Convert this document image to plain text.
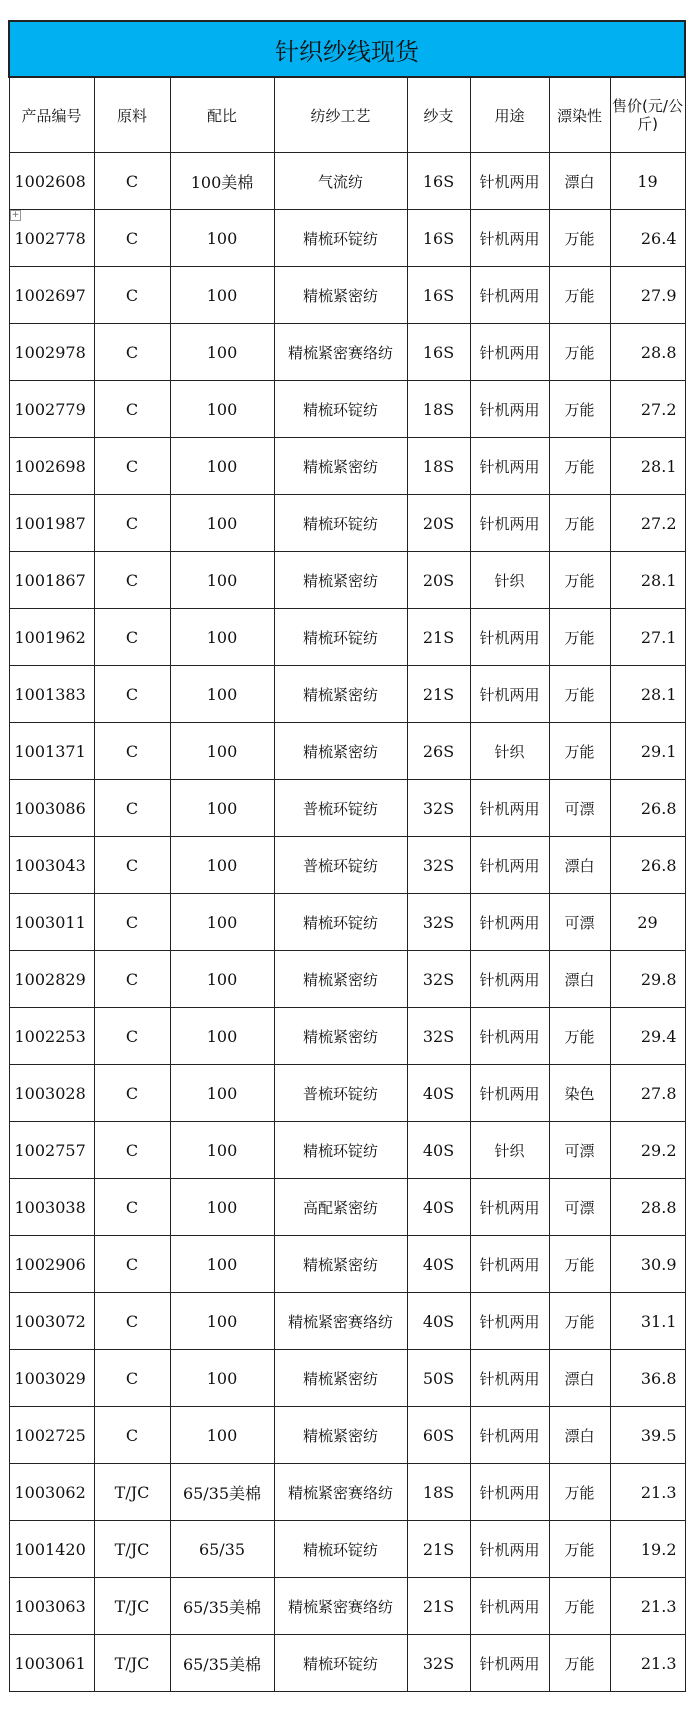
+
针织纱线现货							
产品编号	原料	配比	纺纱工艺	纱支	用途	漂染性	售价(元/公斤)
1002608	C	100美棉	气流纺	16S	针机两用	漂白	19
1002778	C	100	精梳环锭纺	16S	针机两用	万能	26.4
1002697	C	100	精梳紧密纺	16S	针机两用	万能	27.9
1002978	C	100	精梳紧密赛络纺	16S	针机两用	万能	28.8
1002779	C	100	精梳环锭纺	18S	针机两用	万能	27.2
1002698	C	100	精梳紧密纺	18S	针机两用	万能	28.1
1001987	C	100	精梳环锭纺	20S	针机两用	万能	27.2
1001867	C	100	精梳紧密纺	20S	针织	万能	28.1
1001962	C	100	精梳环锭纺	21S	针机两用	万能	27.1
1001383	C	100	精梳紧密纺	21S	针机两用	万能	28.1
1001371	C	100	精梳紧密纺	26S	针织	万能	29.1
1003086	C	100	普梳环锭纺	32S	针机两用	可漂	26.8
1003043	C	100	普梳环锭纺	32S	针机两用	漂白	26.8
1003011	C	100	精梳环锭纺	32S	针机两用	可漂	29
1002829	C	100	精梳紧密纺	32S	针机两用	漂白	29.8
1002253	C	100	精梳紧密纺	32S	针机两用	万能	29.4
1003028	C	100	普梳环锭纺	40S	针机两用	染色	27.8
1002757	C	100	精梳环锭纺	40S	针织	可漂	29.2
1003038	C	100	高配紧密纺	40S	针机两用	可漂	28.8
1002906	C	100	精梳紧密纺	40S	针机两用	万能	30.9
1003072	C	100	精梳紧密赛络纺	40S	针机两用	万能	31.1
1003029	C	100	精梳紧密纺	50S	针机两用	漂白	36.8
1002725	C	100	精梳紧密纺	60S	针机两用	漂白	39.5
1003062	T/JC	65/35美棉	精梳紧密赛络纺	18S	针机两用	万能	21.3
1001420	T/JC	65/35	精梳环锭纺	21S	针机两用	万能	19.2
1003063	T/JC	65/35美棉	精梳紧密赛络纺	21S	针机两用	万能	21.3
1003061	T/JC	65/35美棉	精梳环锭纺	32S	针机两用	万能	21.3
